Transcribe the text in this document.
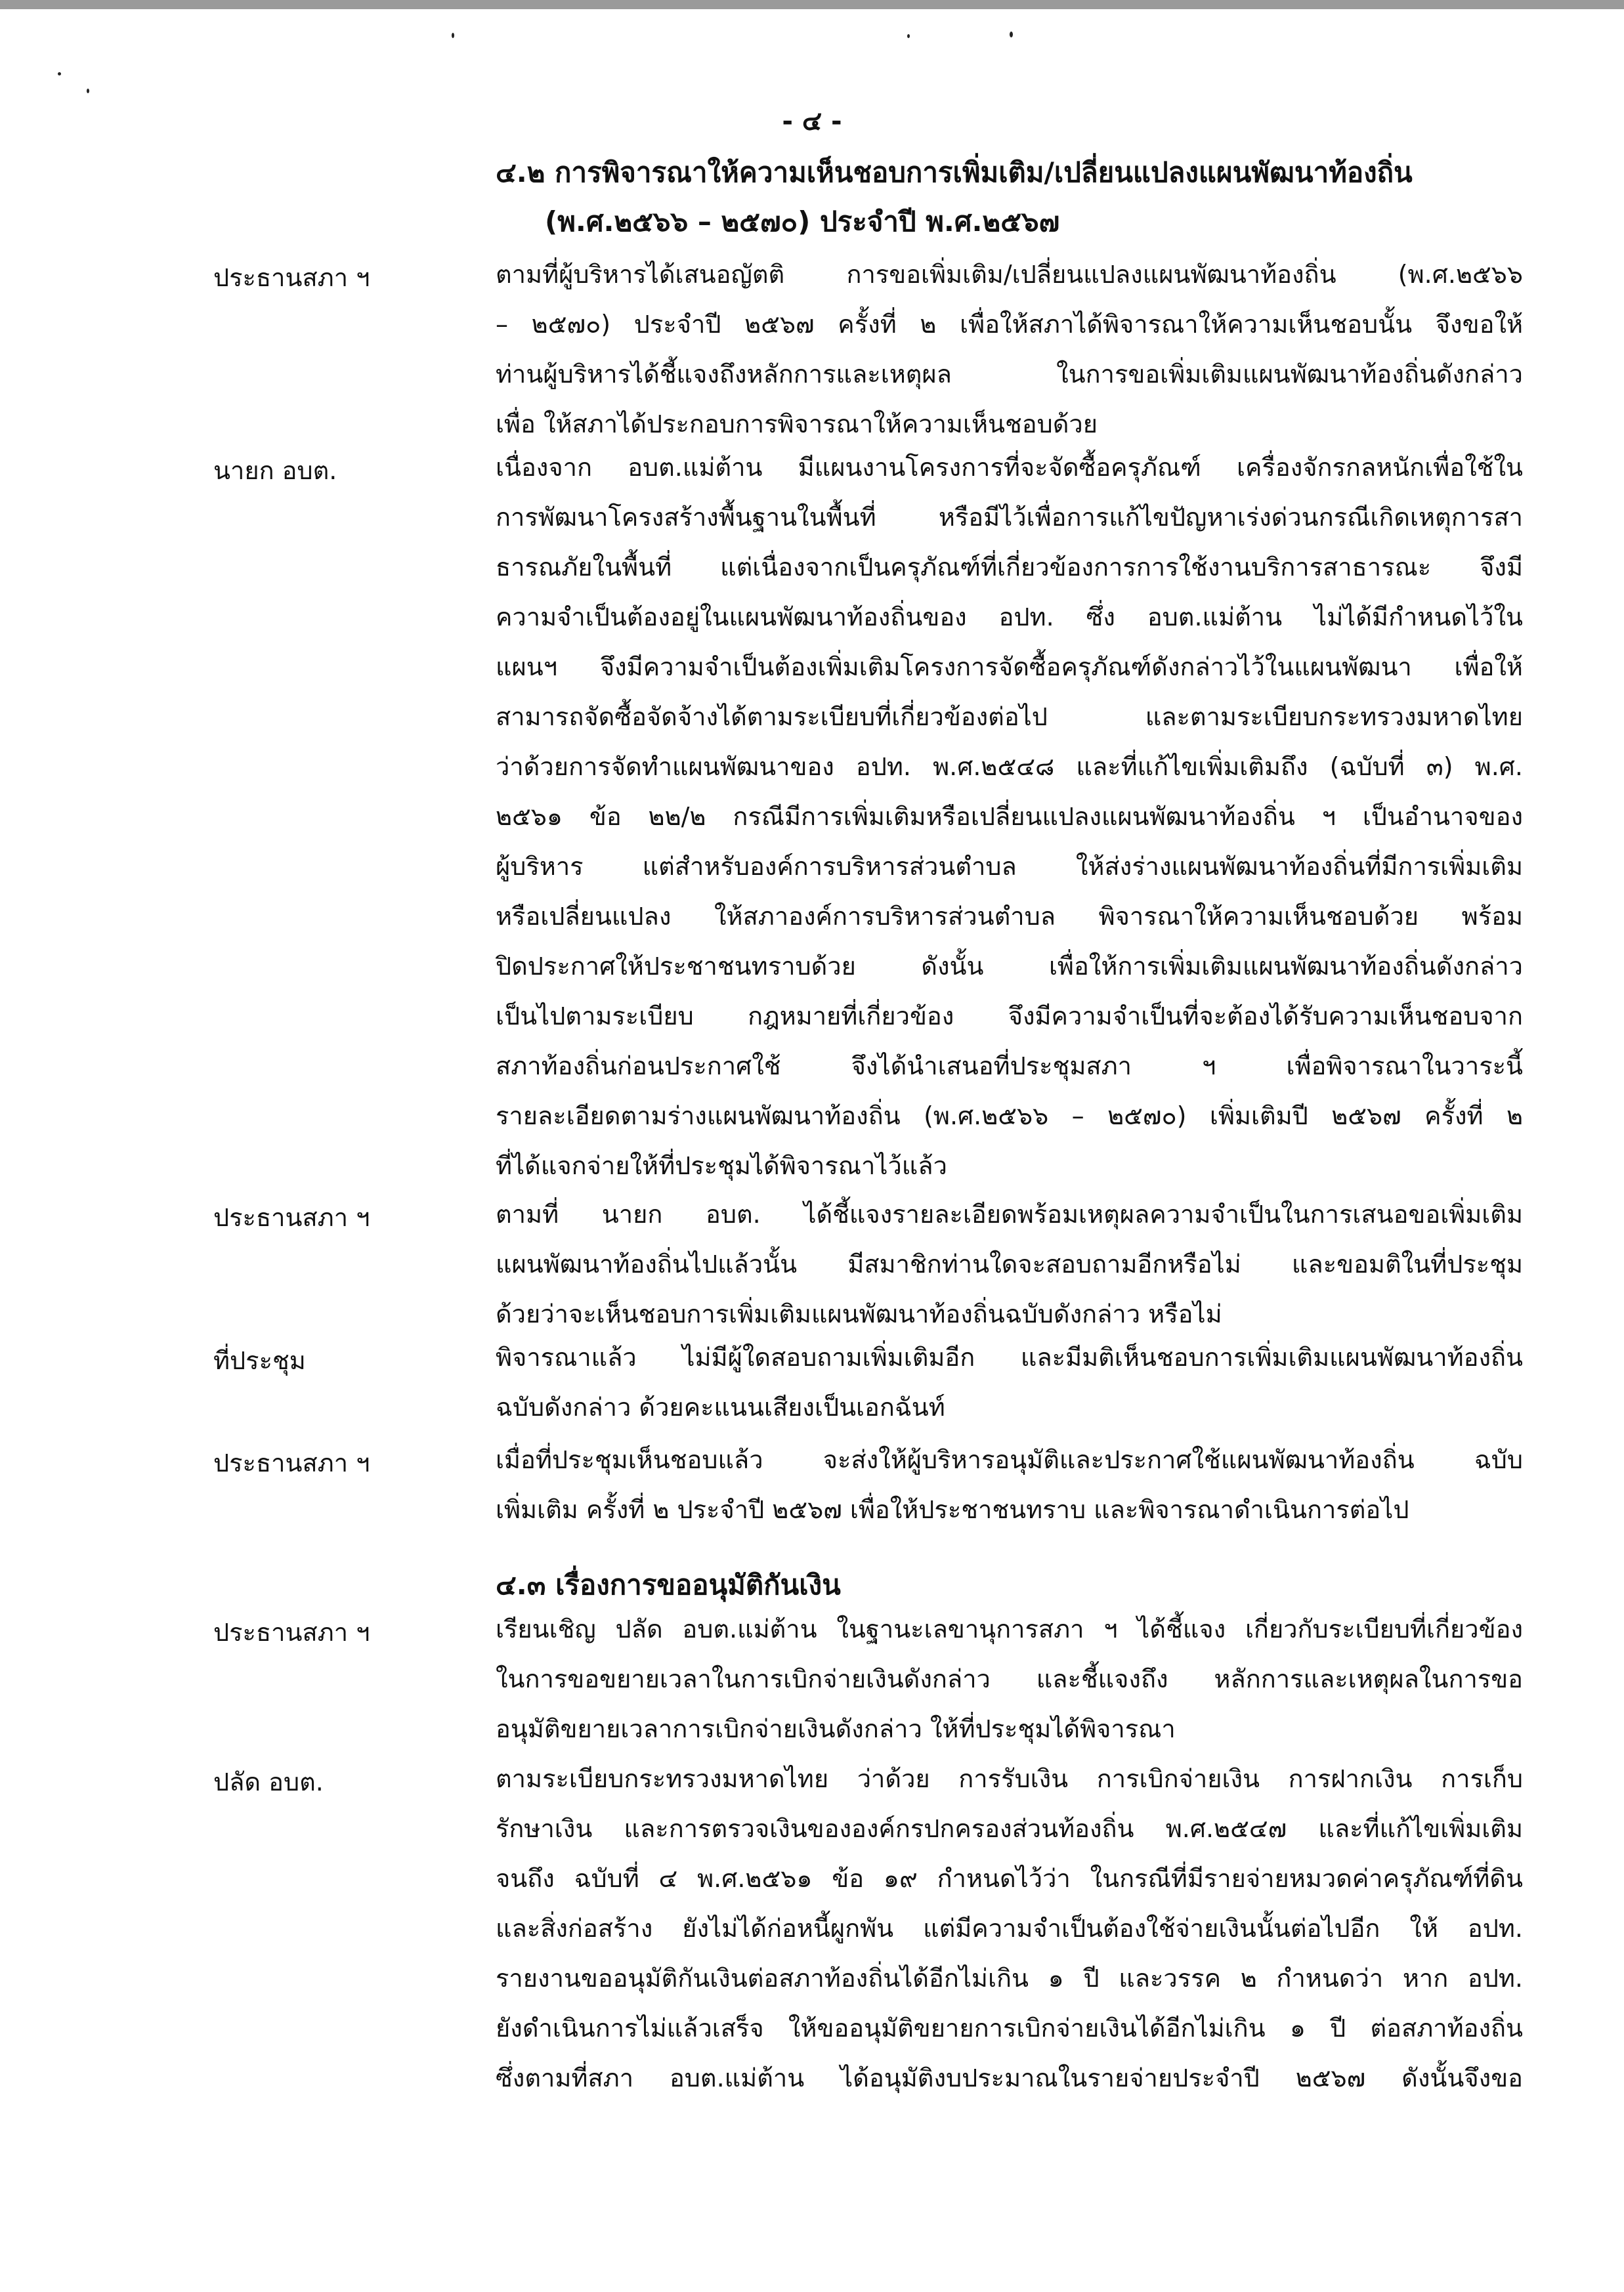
- ๔ -
๔.๒ การพิจารณาให้ความเห็นชอบการเพิ่มเติม/เปลี่ยนแปลงแผนพัฒนาท้องถิ่น
(พ.ศ.๒๕๖๖ – ๒๕๗๐) ประจำปี พ.ศ.๒๕๖๗
ประธานสภา ฯ	ตามที่ผู้บริหารได้เสนอญัตติ การขอเพิ่มเติม/เปลี่ยนแปลงแผนพัฒนาท้องถิ่น (พ.ศ.๒๕๖๖
– ๒๕๗๐) ประจำปี ๒๕๖๗ ครั้งที่ ๒ เพื่อให้สภาได้พิจารณาให้ความเห็นชอบนั้น จึงขอให้
ท่านผู้บริหารได้ชี้แจงถึงหลักการและเหตุผล ในการขอเพิ่มเติมแผนพัฒนาท้องถิ่นดังกล่าว
เพื่อ ให้สภาได้ประกอบการพิจารณาให้ความเห็นชอบด้วย
นายก อบต.	เนื่องจาก อบต.แม่ต้าน มีแผนงานโครงการที่จะจัดซื้อครุภัณฑ์ เครื่องจักรกลหนักเพื่อใช้ใน
การพัฒนาโครงสร้างพื้นฐานในพื้นที่ หรือมีไว้เพื่อการแก้ไขปัญหาเร่งด่วนกรณีเกิดเหตุการสา
ธารณภัยในพื้นที่ แต่เนื่องจากเป็นครุภัณฑ์ที่เกี่ยวข้องการการใช้งานบริการสาธารณะ จึงมี
ความจำเป็นต้องอยู่ในแผนพัฒนาท้องถิ่นของ อปท. ซึ่ง อบต.แม่ต้าน ไม่ได้มีกำหนดไว้ใน
แผนฯ จึงมีความจำเป็นต้องเพิ่มเติมโครงการจัดซื้อครุภัณฑ์ดังกล่าวไว้ในแผนพัฒนา เพื่อให้
สามารถจัดซื้อจัดจ้างได้ตามระเบียบที่เกี่ยวข้องต่อไป และตามระเบียบกระทรวงมหาดไทย
ว่าด้วยการจัดทำแผนพัฒนาของ อปท. พ.ศ.๒๕๔๘ และที่แก้ไขเพิ่มเติมถึง (ฉบับที่ ๓) พ.ศ.
๒๕๖๑ ข้อ ๒๒/๒ กรณีมีการเพิ่มเติมหรือเปลี่ยนแปลงแผนพัฒนาท้องถิ่น ฯ เป็นอำนาจของ
ผู้บริหาร แต่สำหรับองค์การบริหารส่วนตำบล ให้ส่งร่างแผนพัฒนาท้องถิ่นที่มีการเพิ่มเติม
หรือเปลี่ยนแปลง ให้สภาองค์การบริหารส่วนตำบล พิจารณาให้ความเห็นชอบด้วย พร้อม
ปิดประกาศให้ประชาชนทราบด้วย ดังนั้น เพื่อให้การเพิ่มเติมแผนพัฒนาท้องถิ่นดังกล่าว
เป็นไปตามระเบียบ กฎหมายที่เกี่ยวข้อง จึงมีความจำเป็นที่จะต้องได้รับความเห็นชอบจาก
สภาท้องถิ่นก่อนประกาศใช้ จึงได้นำเสนอที่ประชุมสภา ฯ เพื่อพิจารณาในวาระนี้
รายละเอียดตามร่างแผนพัฒนาท้องถิ่น (พ.ศ.๒๕๖๖ – ๒๕๗๐) เพิ่มเติมปี ๒๕๖๗ ครั้งที่ ๒
ที่ได้แจกจ่ายให้ที่ประชุมได้พิจารณาไว้แล้ว
ประธานสภา ฯ	ตามที่ นายก อบต. ได้ชี้แจงรายละเอียดพร้อมเหตุผลความจำเป็นในการเสนอขอเพิ่มเติม
แผนพัฒนาท้องถิ่นไปแล้วนั้น มีสมาชิกท่านใดจะสอบถามอีกหรือไม่ และขอมติในที่ประชุม
ด้วยว่าจะเห็นชอบการเพิ่มเติมแผนพัฒนาท้องถิ่นฉบับดังกล่าว หรือไม่
ที่ประชุม	พิจารณาแล้ว ไม่มีผู้ใดสอบถามเพิ่มเติมอีก และมีมติเห็นชอบการเพิ่มเติมแผนพัฒนาท้องถิ่น
ฉบับดังกล่าว ด้วยคะแนนเสียงเป็นเอกฉันท์
ประธานสภา ฯ	เมื่อที่ประชุมเห็นชอบแล้ว จะส่งให้ผู้บริหารอนุมัติและประกาศใช้แผนพัฒนาท้องถิ่น ฉบับ
เพิ่มเติม ครั้งที่ ๒ ประจำปี ๒๕๖๗ เพื่อให้ประชาชนทราบ และพิจารณาดำเนินการต่อไป
๔.๓ เรื่องการขออนุมัติกันเงิน
ประธานสภา ฯ	เรียนเชิญ ปลัด อบต.แม่ต้าน ในฐานะเลขานุการสภา ฯ ได้ชี้แจง เกี่ยวกับระเบียบที่เกี่ยวข้อง
ในการขอขยายเวลาในการเบิกจ่ายเงินดังกล่าว และชี้แจงถึง หลักการและเหตุผลในการขอ
อนุมัติขยายเวลาการเบิกจ่ายเงินดังกล่าว ให้ที่ประชุมได้พิจารณา
ปลัด อบต.	ตามระเบียบกระทรวงมหาดไทย ว่าด้วย การรับเงิน การเบิกจ่ายเงิน การฝากเงิน การเก็บ
รักษาเงิน และการตรวจเงินขององค์กรปกครองส่วนท้องถิ่น พ.ศ.๒๕๔๗ และที่แก้ไขเพิ่มเติม
จนถึง ฉบับที่ ๔ พ.ศ.๒๕๖๑ ข้อ ๑๙ กำหนดไว้ว่า ในกรณีที่มีรายจ่ายหมวดค่าครุภัณฑ์ที่ดิน
และสิ่งก่อสร้าง ยังไม่ได้ก่อหนี้ผูกพัน แต่มีความจำเป็นต้องใช้จ่ายเงินนั้นต่อไปอีก ให้ อปท.
รายงานขออนุมัติกันเงินต่อสภาท้องถิ่นได้อีกไม่เกิน ๑ ปี และวรรค ๒ กำหนดว่า หาก อปท.
ยังดำเนินการไม่แล้วเสร็จ ให้ขออนุมัติขยายการเบิกจ่ายเงินได้อีกไม่เกิน ๑ ปี ต่อสภาท้องถิ่น
ซึ่งตามที่สภา อบต.แม่ต้าน ได้อนุมัติงบประมาณในรายจ่ายประจำปี ๒๕๖๗ ดังนั้นจึงขอ
